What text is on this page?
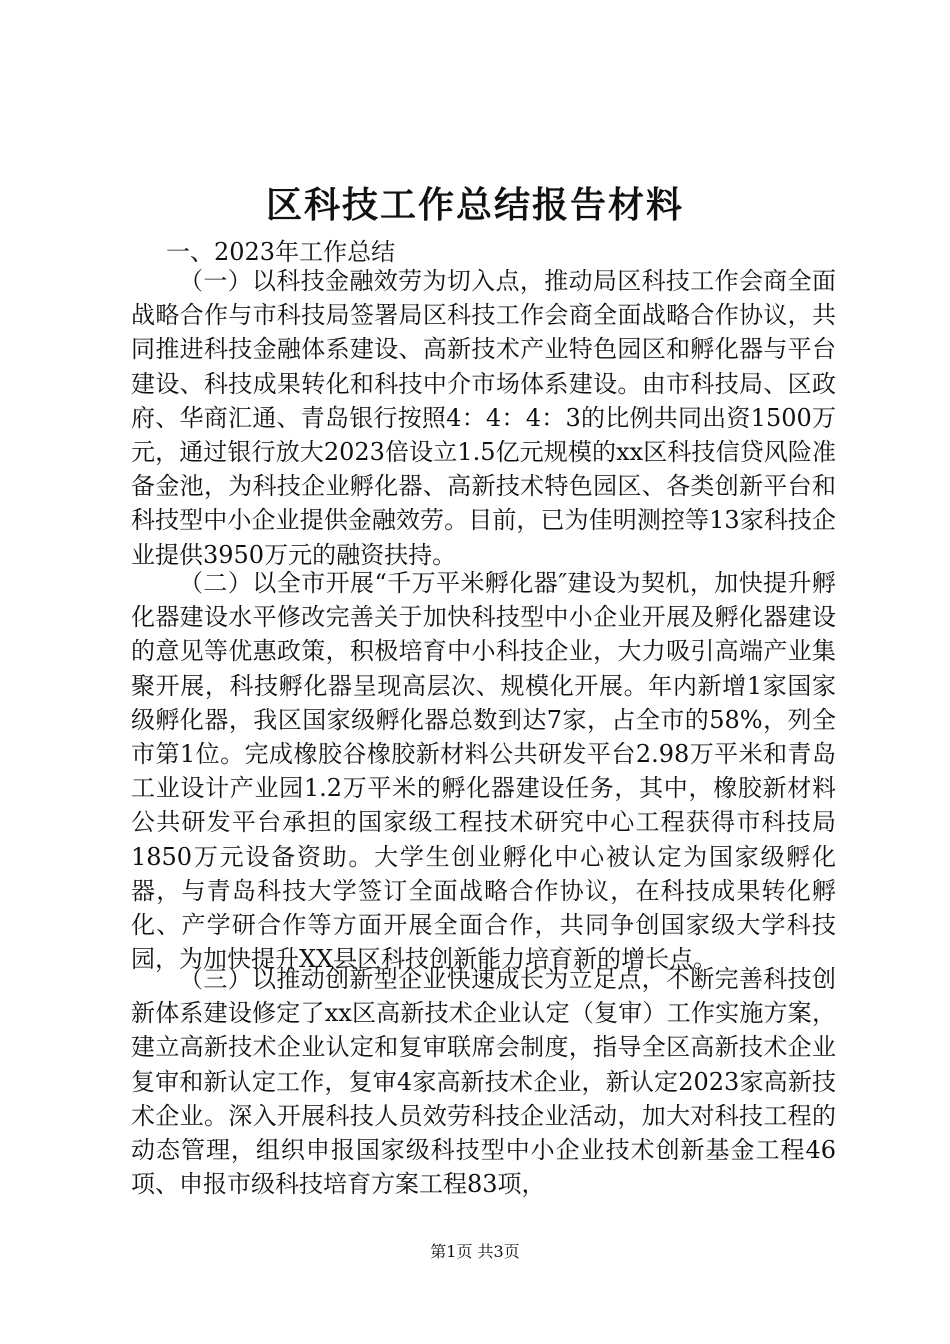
区科技工作总结报告材料
一、2023年工作总结

（一）以科技金融效劳为切入点，推动局区科技工作会商全面战略合作与市科技局签署局区科技工作会商全面战略合作协议，共同推进科技金融体系建设、高新技术产业特色园区和孵化器与平台建设、科技成果转化和科技中介市场体系建设。由市科技局、区政府、华商汇通、青岛银行按照4：4：4：3的比例共同出资1500万元，通过银行放大2023倍设立1.5亿元规模的xx区科技信贷风险准备金池，为科技企业孵化器、高新技术特色园区、各类创新平台和科技型中小企业提供金融效劳。目前，已为佳明测控等13家科技企业提供3950万元的融资扶持。

（二）以全市开展“千万平米孵化器″建设为契机，加快提升孵化器建设水平修改完善关于加快科技型中小企业开展及孵化器建设的意见等优惠政策，积极培育中小科技企业，大力吸引高端产业集聚开展，科技孵化器呈现高层次、规模化开展。年内新增1家国家级孵化器，我区国家级孵化器总数到达7家，占全市的58%，列全市第1位。完成橡胶谷橡胶新材料公共研发平台2.98万平米和青岛工业设计产业园1.2万平米的孵化器建设任务，其中，橡胶新材料公共研发平台承担的国家级工程技术研究中心工程获得市科技局1850万元设备资助。大学生创业孵化中心被认定为国家级孵化器，与青岛科技大学签订全面战略合作协议，在科技成果转化孵化、产学研合作等方面开展全面合作，共同争创国家级大学科技园，为加快提升XX县区科技创新能力培育新的增长点。

（三）以推动创新型企业快速成长为立足点，不断完善科技创新体系建设修定了xx区高新技术企业认定（复审）工作实施方案，建立高新技术企业认定和复审联席会制度，指导全区高新技术企业复审和新认定工作，复审4家高新技术企业，新认定2023家高新技术企业。深入开展科技人员效劳科技企业活动，加大对科技工程的动态管理，组织申报国家级科技型中小企业技术创新基金工程46项、申报市级科技培育方案工程83项，

第1页 共3页
